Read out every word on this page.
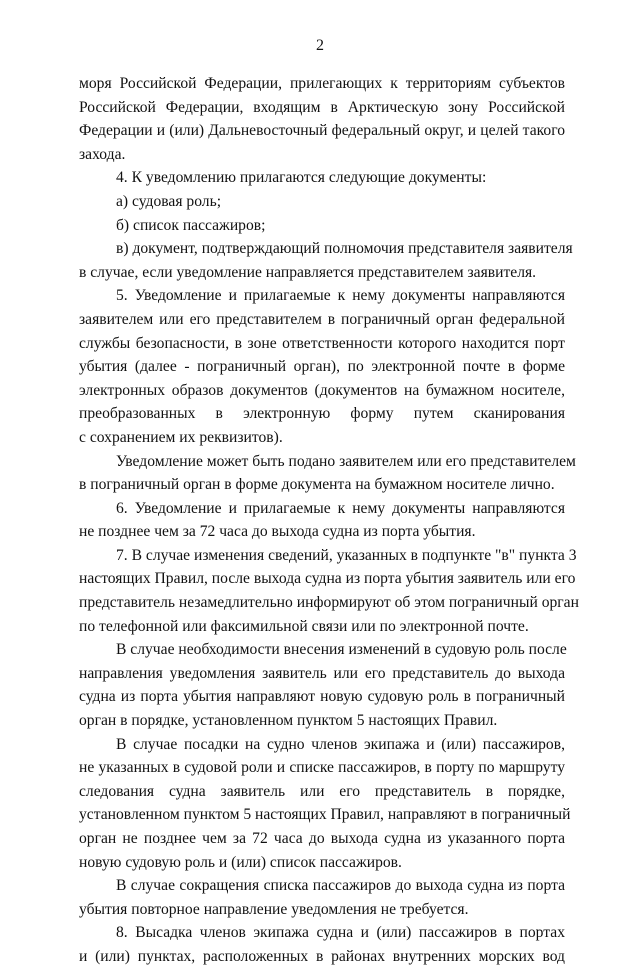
2
моря Российской Федерации, прилегающих к территориям субъектов
Российской Федерации, входящим в Арктическую зону Российской
Федерации и (или) Дальневосточный федеральный округ, и целей такого
захода.
4. К уведомлению прилагаются следующие документы:
а) судовая роль;
б) список пассажиров;
в) документ, подтверждающий полномочия представителя заявителя
в случае, если уведомление направляется представителем заявителя.
5. Уведомление и прилагаемые к нему документы направляются
заявителем или его представителем в пограничный орган федеральной
службы безопасности, в зоне ответственности которого находится порт
убытия (далее - пограничный орган), по электронной почте в форме
электронных образов документов (документов на бумажном носителе,
преобразованных в электронную форму путем сканирования
с сохранением их реквизитов).
Уведомление может быть подано заявителем или его представителем
в пограничный орган в форме документа на бумажном носителе лично.
6. Уведомление и прилагаемые к нему документы направляются
не позднее чем за 72 часа до выхода судна из порта убытия.
7. В случае изменения сведений, указанных в подпункте "в" пункта 3
настоящих Правил, после выхода судна из порта убытия заявитель или его
представитель незамедлительно информируют об этом пограничный орган
по телефонной или факсимильной связи или по электронной почте.
В случае необходимости внесения изменений в судовую роль после
направления уведомления заявитель или его представитель до выхода
судна из порта убытия направляют новую судовую роль в пограничный
орган в порядке, установленном пунктом 5 настоящих Правил.
В случае посадки на судно членов экипажа и (или) пассажиров,
не указанных в судовой роли и списке пассажиров, в порту по маршруту
следования судна заявитель или его представитель в порядке,
установленном пунктом 5 настоящих Правил, направляют в пограничный
орган не позднее чем за 72 часа до выхода судна из указанного порта
новую судовую роль и (или) список пассажиров.
В случае сокращения списка пассажиров до выхода судна из порта
убытия повторное направление уведомления не требуется.
8. Высадка членов экипажа судна и (или) пассажиров в портах
и (или) пунктах, расположенных в районах внутренних морских вод
